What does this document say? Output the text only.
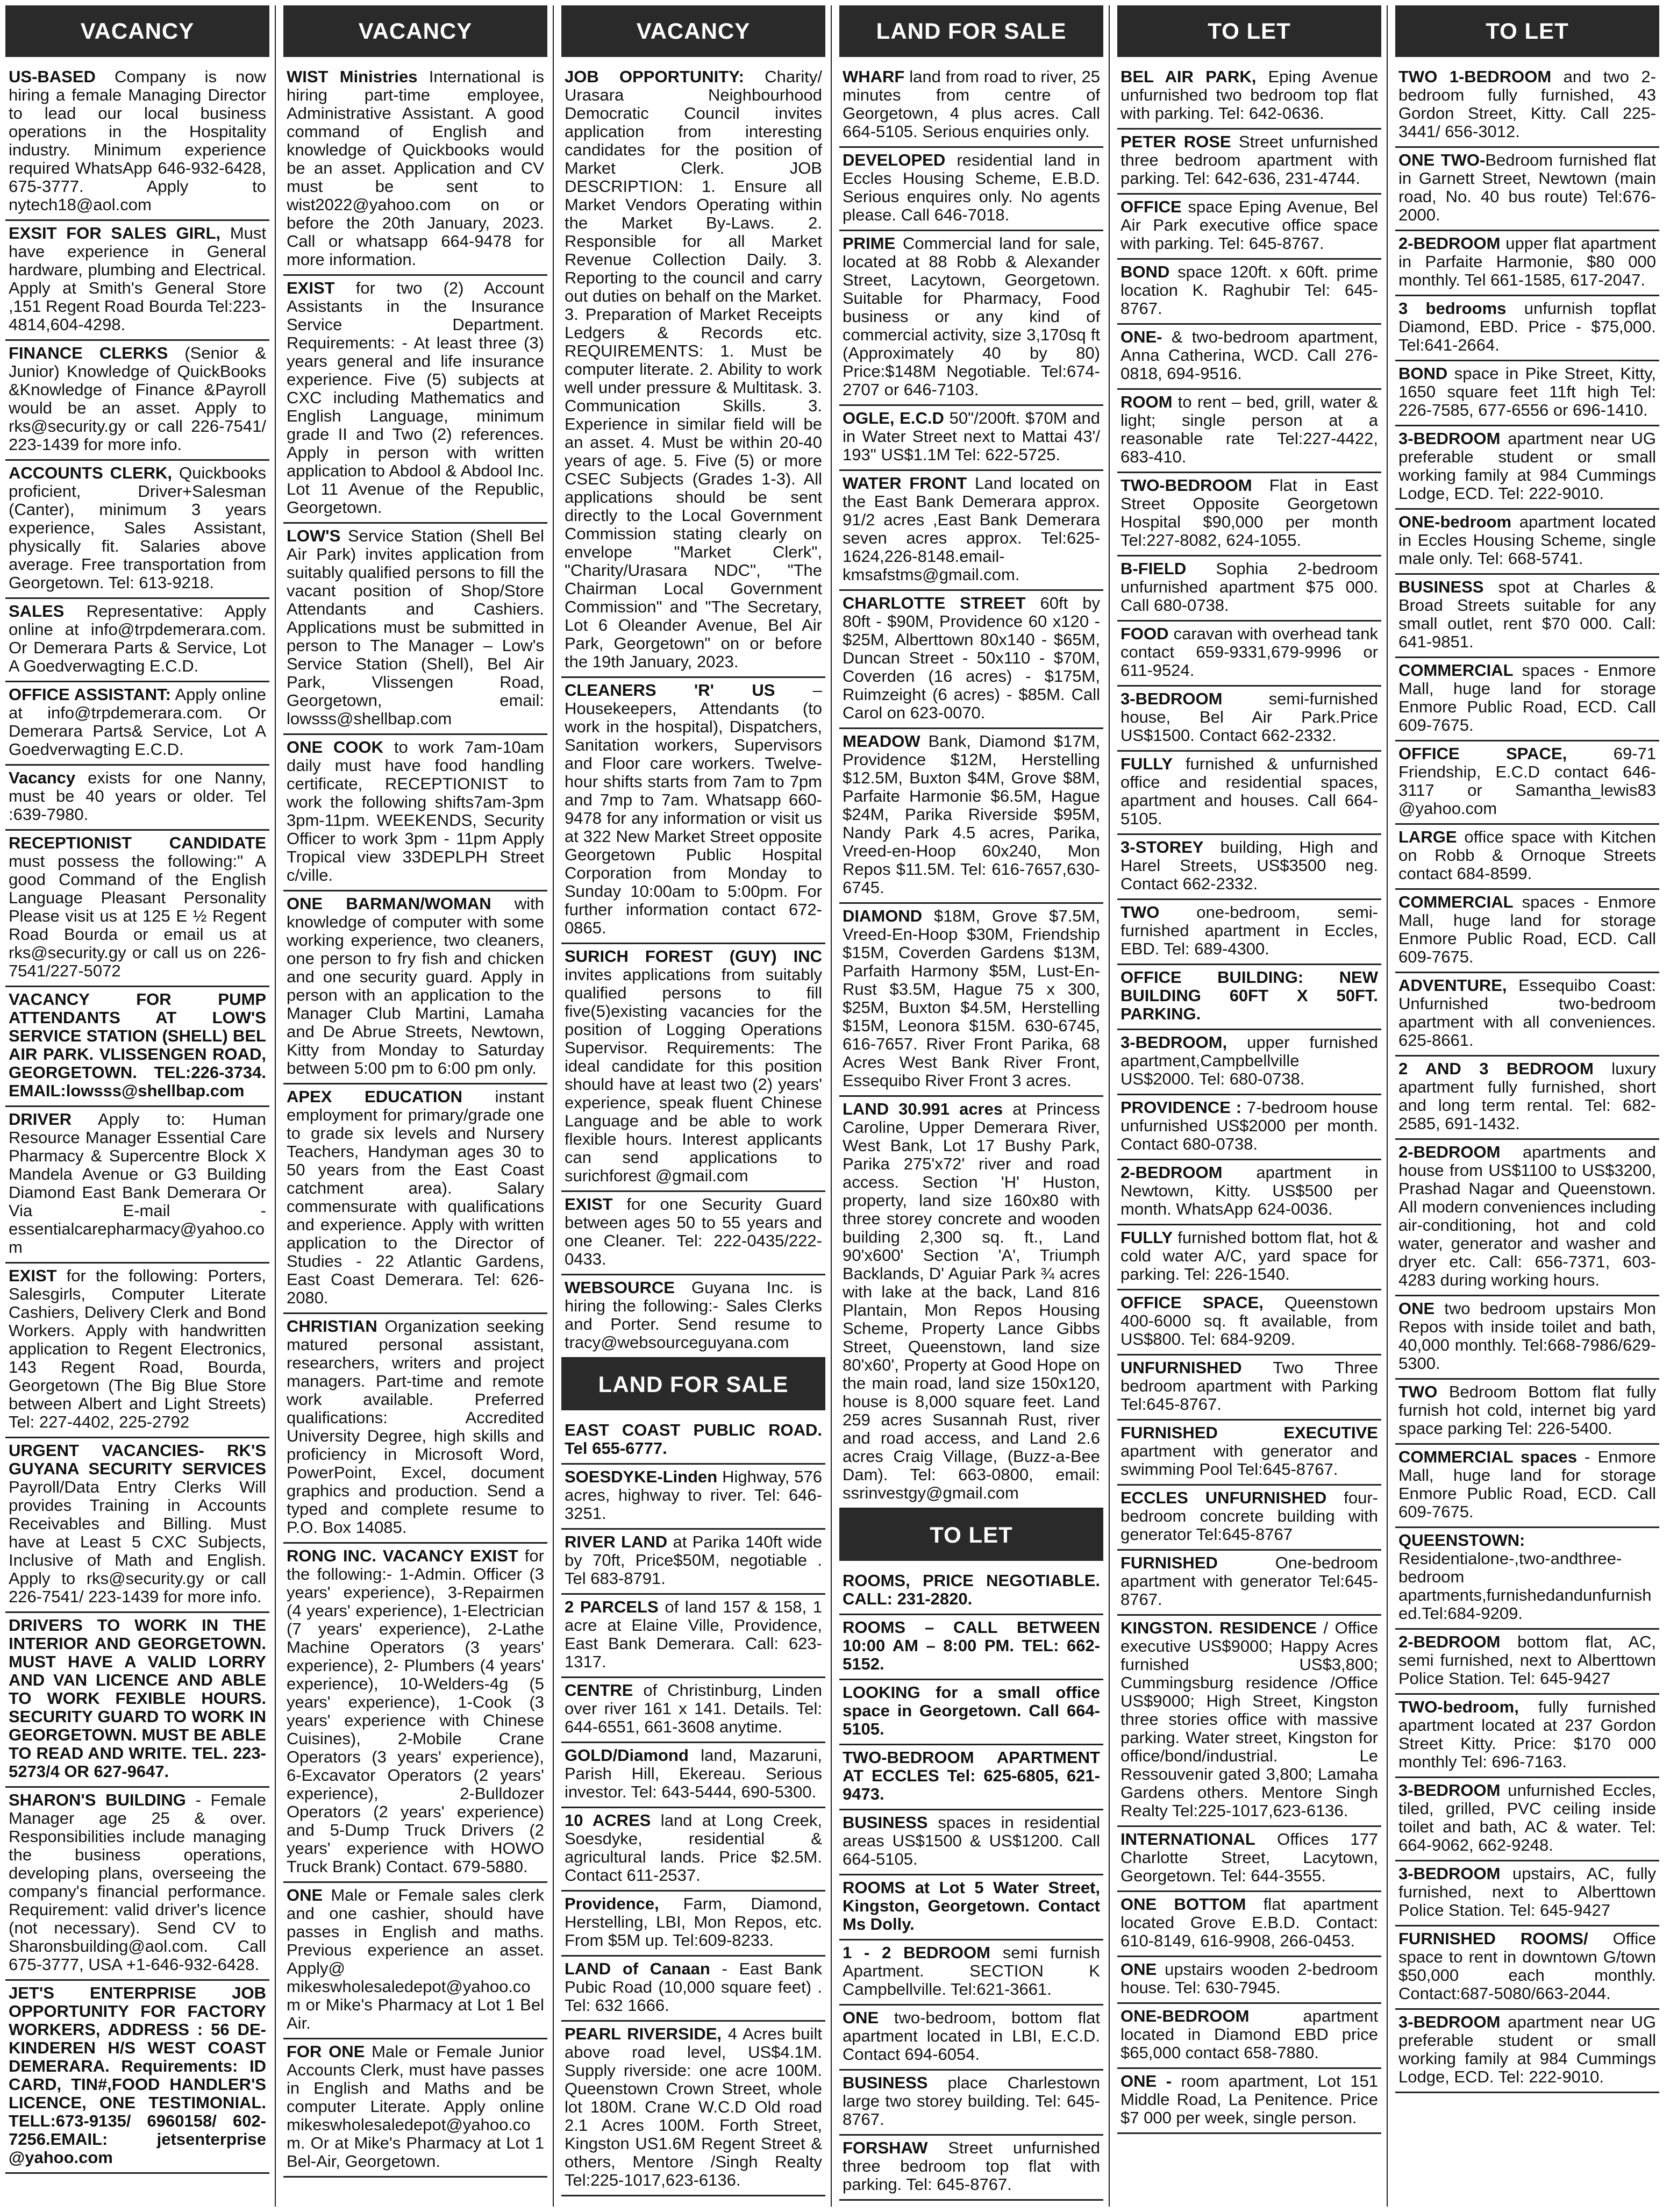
VACANCY
US-BASED Company is now hiring a female Managing Director to lead our local business operations in the Hospitality industry. Minimum experience required WhatsApp 646-932-6428, 675-3777. Apply to nytech18@aol.com
EXSIT FOR SALES GIRL, Must have experience in General hardware, plumbing and Electrical. Apply at Smith's General Store ,151 Regent Road Bourda Tel:223-4814,604-4298.
FINANCE CLERKS (Senior & Junior) Knowledge of QuickBooks &Knowledge of Finance &Payroll would be an asset. Apply to rks@security.gy or call 226-7541/ 223-1439 for more info.
ACCOUNTS CLERK, Quickbooks proficient, Driver+Salesman (Canter), minimum 3 years experience, Sales Assistant, physically fit. Salaries above average. Free transportation from Georgetown. Tel: 613-9218.
SALES Representative: Apply online at info@trpdemerara.com. Or Demerara Parts & Service, Lot A Goedverwagting E.C.D.
OFFICE ASSISTANT: Apply online at info@trpdemerara.com. Or Demerara Parts& Service, Lot A Goedverwagting E.C.D.
Vacancy exists for one Nanny, must be 40 years or older. Tel :639-7980.
RECEPTIONIST CANDIDATE must possess the following:" A good Command of the English Language Pleasant Personality Please visit us at 125 E ½ Regent Road Bourda or email us at rks@security.gy or call us on 226-7541/227-5072
VACANCY FOR PUMP ATTENDANTS AT LOW'S SERVICE STATION (SHELL) BEL AIR PARK. VLISSENGEN ROAD, GEORGETOWN. TEL:226-3734. EMAIL:lowsss@shellbap.com
DRIVER Apply to: Human Resource Manager Essential Care Pharmacy & Supercentre Block X Mandela Avenue or G3 Building Diamond East Bank Demerara Or Via E-mail - essentialcarepharmacy@yahoo.com
EXIST for the following: Porters, Salesgirls, Computer Literate Cashiers, Delivery Clerk and Bond Workers. Apply with handwritten application to Regent Electronics, 143 Regent Road, Bourda, Georgetown (The Big Blue Store between Albert and Light Streets) Tel: 227-4402, 225-2792
URGENT VACANCIES- RK'S GUYANA SECURITY SERVICES Payroll/Data Entry Clerks Will provides Training in Accounts Receivables and Billing. Must have at Least 5 CXC Subjects, Inclusive of Math and English. Apply to rks@security.gy or call 226-7541/ 223-1439 for more info.
DRIVERS TO WORK IN THE INTERIOR AND GEORGETOWN. MUST HAVE A VALID LORRY AND VAN LICENCE AND ABLE TO WORK FEXIBLE HOURS. SECURITY GUARD TO WORK IN GEORGETOWN. MUST BE ABLE TO READ AND WRITE. TEL. 223-5273/4 OR 627-9647.
SHARON'S BUILDING - Female Manager age 25 & over. Responsibilities include managing the business operations, developing plans, overseeing the company's financial performance. Requirement: valid driver's licence (not necessary). Send CV to Sharonsbuilding@aol.com. Call 675-3777, USA +1-646-932-6428.
JET'S ENTERPRISE JOB OPPORTUNITY FOR FACTORY WORKERS, ADDRESS : 56 DE-KINDEREN H/S WEST COAST DEMERARA. Requirements: ID CARD, TIN#,FOOD HANDLER'S LICENCE, ONE TESTIMONIAL. TELL:673-9135/ 6960158/ 602-7256.EMAIL: jetsenterprise @yahoo.com
VACANCY
WIST Ministries International is hiring part-time employee, Administrative Assistant. A good command of English and knowledge of Quickbooks would be an asset. Application and CV must be sent to wist2022@yahoo.com on or before the 20th January, 2023. Call or whatsapp 664-9478 for more information.
EXIST for two (2) Account Assistants in the Insurance Service Department. Requirements: - At least three (3) years general and life insurance experience. Five (5) subjects at CXC including Mathematics and English Language, minimum grade II and Two (2) references. Apply in person with written application to Abdool & Abdool Inc. Lot 11 Avenue of the Republic, Georgetown.
LOW'S Service Station (Shell Bel Air Park) invites application from suitably qualified persons to fill the vacant position of Shop/Store Attendants and Cashiers. Applications must be submitted in person to The Manager – Low's Service Station (Shell), Bel Air Park, Vlissengen Road, Georgetown, email: lowsss@shellbap.com
ONE COOK to work 7am-10am daily must have food handling certificate, RECEPTIONIST to work the following shifts7am-3pm 3pm-11pm. WEEKENDS, Security Officer to work 3pm - 11pm Apply Tropical view 33DEPLPH Street c/ville.
ONE BARMAN/WOMAN with knowledge of computer with some working experience, two cleaners, one person to fry fish and chicken and one security guard. Apply in person with an application to the Manager Club Martini, Lamaha and De Abrue Streets, Newtown, Kitty from Monday to Saturday between 5:00 pm to 6:00 pm only.
APEX EDUCATION instant employment for primary/grade one to grade six levels and Nursery Teachers, Handyman ages 30 to 50 years from the East Coast catchment area). Salary commensurate with qualifications and experience. Apply with written application to the Director of Studies - 22 Atlantic Gardens, East Coast Demerara. Tel: 626-2080.
CHRISTIAN Organization seeking matured personal assistant, researchers, writers and project managers. Part-time and remote work available. Preferred qualifications: Accredited University Degree, high skills and proficiency in Microsoft Word, PowerPoint, Excel, document graphics and production. Send a typed and complete resume to P.O. Box 14085.
RONG INC. VACANCY EXIST for the following:- 1-Admin. Officer (3 years' experience), 3-Repairmen (4 years' experience), 1-Electrician (7 years' experience), 2-Lathe Machine Operators (3 years' experience), 2- Plumbers (4 years' experience), 10-Welders-4g (5 years' experience), 1-Cook (3 years' experience with Chinese Cuisines), 2-Mobile Crane Operators (3 years' experience), 6-Excavator Operators (2 years' experience), 2-Bulldozer Operators (2 years' experience) and 5-Dump Truck Drivers (2 years' experience with HOWO Truck Brank) Contact. 679-5880.
ONE Male or Female sales clerk and one cashier, should have passes in English and maths. Previous experience an asset. Apply@ mikeswholesaledepot@yahoo.com or Mike's Pharmacy at Lot 1 Bel Air.
FOR ONE Male or Female Junior Accounts Clerk, must have passes in English and Maths and be computer Literate. Apply online mikeswholesaledepot@yahoo.com. Or at Mike's Pharmacy at Lot 1 Bel-Air, Georgetown.
VACANCY
JOB OPPORTUNITY: Charity/ Urasara Neighbourhood Democratic Council invites application from interesting candidates for the position of Market Clerk. JOB DESCRIPTION: 1. Ensure all Market Vendors Operating within the Market By-Laws. 2. Responsible for all Market Revenue Collection Daily. 3. Reporting to the council and carry out duties on behalf on the Market. 3. Preparation of Market Receipts Ledgers & Records etc. REQUIREMENTS: 1. Must be computer literate. 2. Ability to work well under pressure & Multitask. 3. Communication Skills. 3. Experience in similar field will be an asset. 4. Must be within 20-40 years of age. 5. Five (5) or more CSEC Subjects (Grades 1-3). All applications should be sent directly to the Local Government Commission stating clearly on envelope "Market Clerk", "Charity/Urasara NDC", "The Chairman Local Government Commission" and "The Secretary, Lot 6 Oleander Avenue, Bel Air Park, Georgetown" on or before the 19th January, 2023.
CLEANERS 'R' US – Housekeepers, Attendants (to work in the hospital), Dispatchers, Sanitation workers, Supervisors and Floor care workers. Twelve-hour shifts starts from 7am to 7pm and 7mp to 7am. Whatsapp 660-9478 for any information or visit us at 322 New Market Street opposite Georgetown Public Hospital Corporation from Monday to Sunday 10:00am to 5:00pm. For further information contact 672-0865.
SURICH FOREST (GUY) INC invites applications from suitably qualified persons to fill five(5)existing vacancies for the position of Logging Operations Supervisor. Requirements: The ideal candidate for this position should have at least two (2) years' experience, speak fluent Chinese Language and be able to work flexible hours. Interest applicants can send applications to surichforest @gmail.com
EXIST for one Security Guard between ages 50 to 55 years and one Cleaner. Tel: 222-0435/222-0433.
WEBSOURCE Guyana Inc. is hiring the following:- Sales Clerks and Porter. Send resume to tracy@websourceguyana.com
LAND FOR SALE
EAST COAST PUBLIC ROAD. Tel 655-6777.
SOESDYKE-Linden Highway, 576 acres, highway to river. Tel: 646-3251.
RIVER LAND at Parika 140ft wide by 70ft, Price$50M, negotiable . Tel 683-8791.
2 PARCELS of land 157 & 158, 1 acre at Elaine Ville, Providence, East Bank Demerara. Call: 623-1317.
CENTRE of Christinburg, Linden over river 161 x 141. Details. Tel: 644-6551, 661-3608 anytime.
GOLD/Diamond land, Mazaruni, Parish Hill, Ekereau. Serious investor. Tel: 643-5444, 690-5300.
10 ACRES land at Long Creek, Soesdyke, residential & agricultural lands. Price $2.5M. Contact 611-2537.
Providence, Farm, Diamond, Herstelling, LBI, Mon Repos, etc. From $5M up. Tel:609-8233.
LAND of Canaan - East Bank Pubic Road (10,000 square feet) . Tel: 632 1666.
PEARL RIVERSIDE, 4 Acres built above road level, US$4.1M. Supply riverside: one acre 100M. Queenstown Crown Street, whole lot 180M. Crane W.C.D Old road 2.1 Acres 100M. Forth Street, Kingston US1.6M Regent Street & others, Mentore /Singh Realty Tel:225-1017,623-6136.
LAND FOR SALE
WHARF land from road to river, 25 minutes from centre of Georgetown, 4 plus acres. Call 664-5105. Serious enquiries only.
DEVELOPED residential land in Eccles Housing Scheme, E.B.D. Serious enquires only. No agents please. Call 646-7018.
PRIME Commercial land for sale, located at 88 Robb & Alexander Street, Lacytown, Georgetown. Suitable for Pharmacy, Food business or any kind of commercial activity, size 3,170sq ft (Approximately 40 by 80) Price:$148M Negotiable. Tel:674-2707 or 646-7103.
OGLE, E.C.D 50"/200ft. $70M and in Water Street next to Mattai 43'/ 193" US$1.1M Tel: 622-5725.
WATER FRONT Land located on the East Bank Demerara approx. 91/2 acres ,East Bank Demerara seven acres approx. Tel:625-1624,226-8148.email-kmsafstms@gmail.com.
CHARLOTTE STREET 60ft by 80ft - $90M, Providence 60 x120 - $25M, Alberttown 80x140 - $65M, Duncan Street - 50x110 - $70M, Coverden (16 acres) - $175M, Ruimzeight (6 acres) - $85M. Call Carol on 623-0070.
MEADOW Bank, Diamond $17M, Providence $12M, Herstelling $12.5M, Buxton $4M, Grove $8M, Parfaite Harmonie $6.5M, Hague $24M, Parika Riverside $95M, Nandy Park 4.5 acres, Parika, Vreed-en-Hoop 60x240, Mon Repos $11.5M. Tel: 616-7657,630-6745.
DIAMOND $18M, Grove $7.5M, Vreed-En-Hoop $30M, Friendship $15M, Coverden Gardens $13M, Parfaith Harmony $5M, Lust-En-Rust $3.5M, Hague 75 x 300, $25M, Buxton $4.5M, Herstelling $15M, Leonora $15M. 630-6745, 616-7657. River Front Parika, 68 Acres West Bank River Front, Essequibo River Front 3 acres.
LAND 30.991 acres at Princess Caroline, Upper Demerara River, West Bank, Lot 17 Bushy Park, Parika 275'x72' river and road access. Section 'H' Huston, property, land size 160x80 with three storey concrete and wooden building 2,300 sq. ft., Land 90'x600' Section 'A', Triumph Backlands, D' Aguiar Park ¾ acres with lake at the back, Land 816 Plantain, Mon Repos Housing Scheme, Property Lance Gibbs Street, Queenstown, land size 80'x60', Property at Good Hope on the main road, land size 150x120, house is 8,000 square feet. Land 259 acres Susannah Rust, river and road access, and Land 2.6 acres Craig Village, (Buzz-a-Bee Dam). Tel: 663-0800, email: ssrinvestgy@gmail.com
TO LET
ROOMS, PRICE NEGOTIABLE. CALL: 231-2820.
ROOMS – CALL BETWEEN 10:00 AM – 8:00 PM. TEL: 662-5152.
LOOKING for a small office space in Georgetown. Call 664-5105.
TWO-BEDROOM APARTMENT AT ECCLES Tel: 625-6805, 621-9473.
BUSINESS spaces in residential areas US$1500 & US$1200. Call 664-5105.
ROOMS at Lot 5 Water Street, Kingston, Georgetown. Contact Ms Dolly.
1 - 2 BEDROOM semi furnish Apartment. SECTION K Campbellville. Tel:621-3661.
ONE two-bedroom, bottom flat apartment located in LBI, E.C.D. Contact 694-6054.
BUSINESS place Charlestown large two storey building. Tel: 645-8767.
FORSHAW Street unfurnished three bedroom top flat with parking. Tel: 645-8767.
TO LET
BEL AIR PARK, Eping Avenue unfurnished two bedroom top flat with parking. Tel: 642-0636.
PETER ROSE Street unfurnished three bedroom apartment with parking. Tel: 642-636, 231-4744.
OFFICE space Eping Avenue, Bel Air Park executive office space with parking. Tel: 645-8767.
BOND space 120ft. x 60ft. prime location K. Raghubir Tel: 645-8767.
ONE- & two-bedroom apartment, Anna Catherina, WCD. Call 276-0818, 694-9516.
ROOM to rent – bed, grill, water & light; single person at a reasonable rate Tel:227-4422, 683-410.
TWO-BEDROOM Flat in East Street Opposite Georgetown Hospital $90,000 per month Tel:227-8082, 624-1055.
B-FIELD Sophia 2-bedroom unfurnished apartment $75 000. Call 680-0738.
FOOD caravan with overhead tank contact 659-9331,679-9996 or 611-9524.
3-BEDROOM semi-furnished house, Bel Air Park.Price US$1500. Contact 662-2332.
FULLY furnished & unfurnished office and residential spaces, apartment and houses. Call 664-5105.
3-STOREY building, High and Harel Streets, US$3500 neg. Contact 662-2332.
TWO one-bedroom, semi-furnished apartment in Eccles, EBD. Tel: 689-4300.
OFFICE BUILDING: NEW BUILDING 60FT X 50FT. PARKING.
3-BEDROOM, upper furnished apartment,Campbellville US$2000. Tel: 680-0738.
PROVIDENCE : 7-bedroom house unfurnished US$2000 per month. Contact 680-0738.
2-BEDROOM apartment in Newtown, Kitty. US$500 per month. WhatsApp 624-0036.
FULLY furnished bottom flat, hot & cold water A/C, yard space for parking. Tel: 226-1540.
OFFICE SPACE, Queenstown 400-6000 sq. ft available, from US$800. Tel: 684-9209.
UNFURNISHED Two Three bedroom apartment with Parking Tel:645-8767.
FURNISHED EXECUTIVE apartment with generator and swimming Pool Tel:645-8767.
ECCLES UNFURNISHED four-bedroom concrete building with generator Tel:645-8767
FURNISHED One-bedroom apartment with generator Tel:645-8767.
KINGSTON. RESIDENCE / Office executive US$9000; Happy Acres furnished US$3,800; Cummingsburg residence /Office US$9000; High Street, Kingston three stories office with massive parking. Water street, Kingston for office/bond/industrial. Le Ressouvenir gated 3,800; Lamaha Gardens others. Mentore Singh Realty Tel:225-1017,623-6136.
INTERNATIONAL Offices 177 Charlotte Street, Lacytown, Georgetown. Tel: 644-3555.
ONE BOTTOM flat apartment located Grove E.B.D. Contact: 610-8149, 616-9908, 266-0453.
ONE upstairs wooden 2-bedroom house. Tel: 630-7945.
ONE-BEDROOM apartment located in Diamond EBD price $65,000 contact 658-7880.
ONE - room apartment, Lot 151 Middle Road, La Penitence. Price $7 000 per week, single person.
TO LET
TWO 1-BEDROOM and two 2-bedroom fully furnished, 43 Gordon Street, Kitty. Call 225- 3441/ 656-3012.
ONE TWO-Bedroom furnished flat in Garnett Street, Newtown (main road, No. 40 bus route) Tel:676-2000.
2-BEDROOM upper flat apartment in Parfaite Harmonie, $80 000 monthly. Tel 661-1585, 617-2047.
3 bedrooms unfurnish topflat Diamond, EBD. Price - $75,000. Tel:641-2664.
BOND space in Pike Street, Kitty, 1650 square feet 11ft high Tel: 226-7585, 677-6556 or 696-1410.
3-BEDROOM apartment near UG preferable student or small working family at 984 Cummings Lodge, ECD. Tel: 222-9010.
ONE-bedroom apartment located in Eccles Housing Scheme, single male only. Tel: 668-5741.
BUSINESS spot at Charles & Broad Streets suitable for any small outlet, rent $70 000. Call: 641-9851.
COMMERCIAL spaces - Enmore Mall, huge land for storage Enmore Public Road, ECD. Call 609-7675.
OFFICE SPACE, 69-71 Friendship, E.C.D contact 646- 3117 or Samantha_lewis83 @yahoo.com
LARGE office space with Kitchen on Robb & Ornoque Streets contact 684-8599.
COMMERCIAL spaces - Enmore Mall, huge land for storage Enmore Public Road, ECD. Call 609-7675.
ADVENTURE, Essequibo Coast: Unfurnished two-bedroom apartment with all conveniences. 625-8661.
2 AND 3 BEDROOM luxury apartment fully furnished, short and long term rental. Tel: 682-2585, 691-1432.
2-BEDROOM apartments and house from US$1100 to US$3200, Prashad Nagar and Queenstown. All modern conveniences including air-conditioning, hot and cold water, generator and washer and dryer etc. Call: 656-7371, 603-4283 during working hours.
ONE two bedroom upstairs Mon Repos with inside toilet and bath, 40,000 monthly. Tel:668-7986/629-5300.
TWO Bedroom Bottom flat fully furnish hot cold, internet big yard space parking Tel: 226-5400.
COMMERCIAL spaces - Enmore Mall, huge land for storage Enmore Public Road, ECD. Call 609-7675.
QUEENSTOWN: Residentialone-,two-andthree-bedroom apartments,furnishedandunfurnished.Tel:684-9209.
2-BEDROOM bottom flat, AC, semi furnished, next to Alberttown Police Station. Tel: 645-9427
TWO-bedroom, fully furnished apartment located at 237 Gordon Street Kitty. Price: $170 000 monthly Tel: 696-7163.
3-BEDROOM unfurnished Eccles, tiled, grilled, PVC ceiling inside toilet and bath, AC & water. Tel: 664-9062, 662-9248.
3-BEDROOM upstairs, AC, fully furnished, next to Alberttown Police Station. Tel: 645-9427
FURNISHED ROOMS/ Office space to rent in downtown G/town $50,000 each monthly. Contact:687-5080/663-2044.
3-BEDROOM apartment near UG preferable student or small working family at 984 Cummings Lodge, ECD. Tel: 222-9010.
